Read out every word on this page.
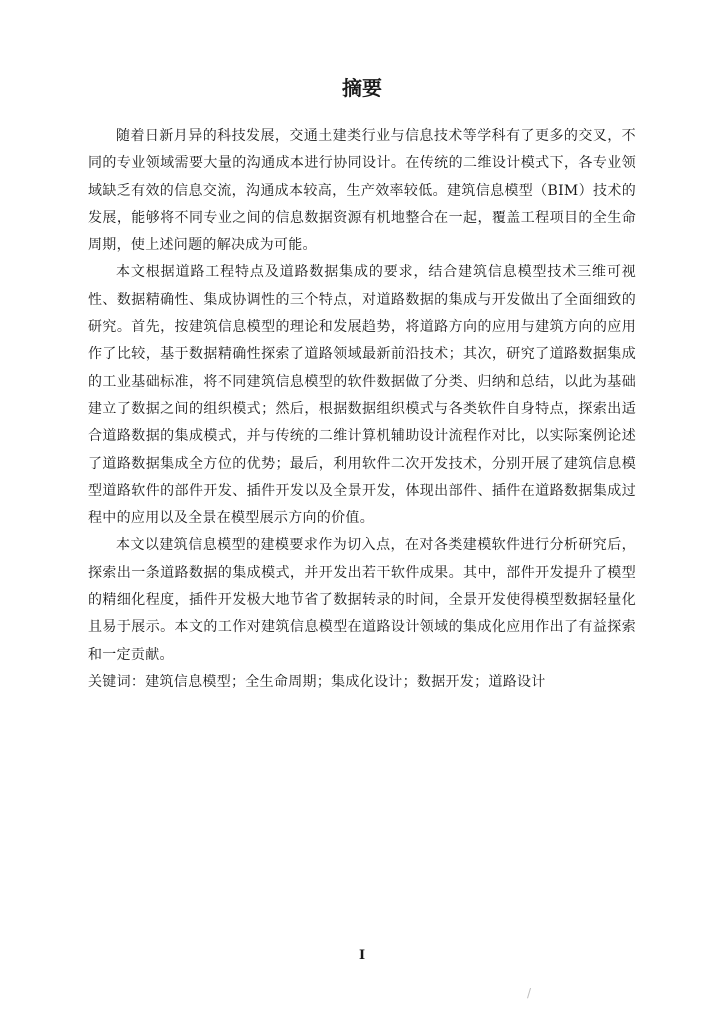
摘要

随着日新月异的科技发展，交通土建类行业与信息技术等学科有了更多的交叉，不同的专业领域需要大量的沟通成本进行协同设计。在传统的二维设计模式下，各专业领域缺乏有效的信息交流，沟通成本较高，生产效率较低。建筑信息模型（BIM）技术的发展，能够将不同专业之间的信息数据资源有机地整合在一起，覆盖工程项目的全生命周期，使上述问题的解决成为可能。

本文根据道路工程特点及道路数据集成的要求，结合建筑信息模型技术三维可视性、数据精确性、集成协调性的三个特点，对道路数据的集成与开发做出了全面细致的研究。首先，按建筑信息模型的理论和发展趋势，将道路方向的应用与建筑方向的应用作了比较，基于数据精确性探索了道路领域最新前沿技术；其次，研究了道路数据集成的工业基础标准，将不同建筑信息模型的软件数据做了分类、归纳和总结，以此为基础建立了数据之间的组织模式；然后，根据数据组织模式与各类软件自身特点，探索出适合道路数据的集成模式，并与传统的二维计算机辅助设计流程作对比，以实际案例论述了道路数据集成全方位的优势；最后，利用软件二次开发技术，分别开展了建筑信息模型道路软件的部件开发、插件开发以及全景开发，体现出部件、插件在道路数据集成过程中的应用以及全景在模型展示方向的价值。

本文以建筑信息模型的建模要求作为切入点，在对各类建模软件进行分析研究后，探索出一条道路数据的集成模式，并开发出若干软件成果。其中，部件开发提升了模型的精细化程度，插件开发极大地节省了数据转录的时间，全景开发使得模型数据轻量化且易于展示。本文的工作对建筑信息模型在道路设计领域的集成化应用作出了有益探索和一定贡献。

关键词：建筑信息模型；全生命周期；集成化设计；数据开发；道路设计

I
/
